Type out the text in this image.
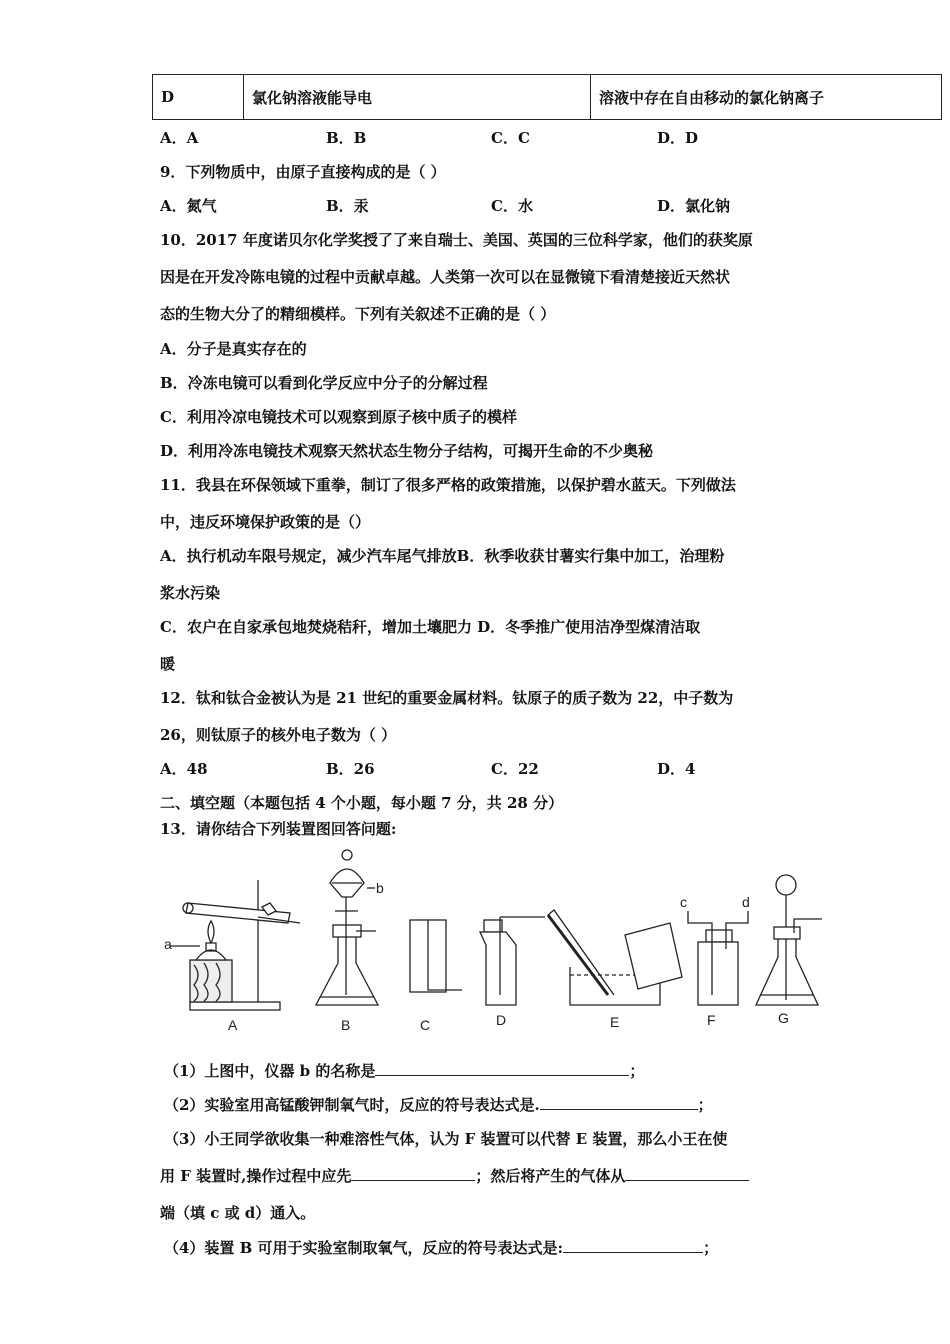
D	氯化钠溶液能导电	溶液中存在自由移动的氯化钠离子
A．A	B．B	C．C	D．D
9．下列物质中，由原子直接构成的是（ ）
A．氮气	B．汞	C．水	D．氯化钠
10．2017 年度诺贝尔化学奖授了了来自瑞士、美国、英国的三位科学家，他们的获奖原
因是在开发冷陈电镜的过程中贡献卓越。人类第一次可以在显微镜下看清楚接近天然状
态的生物大分了的精细模样。下列有关叙述不正确的是（ ）
A．分子是真实存在的
B．冷冻电镜可以看到化学反应中分子的分解过程
C．利用冷凉电镜技术可以观察到原子核中质子的模样
D．利用冷冻电镜技术观察天然状态生物分子结构，可揭开生命的不少奥秘
11．我县在环保领域下重拳，制订了很多严格的政策措施，以保护碧水蓝天。下列做法
中，违反环境保护政策的是（）
A．执行机动车限号规定，减少汽车尾气排放B．秋季收获甘薯实行集中加工，治理粉
浆水污染
C．农户在自家承包地焚烧秸秆，增加土壤肥力 D．冬季推广使用洁净型煤清洁取
暖
12．钛和钛合金被认为是 21 世纪的重要金属材料。钛原子的质子数为 22，中子数为
26，则钛原子的核外电子数为（ ）
A．48	B．26	C．22	D．4
二、填空题（本题包括 4 个小题，每小题 7 分，共 28 分）
13．请你结合下列装置图回答问题:
a
b
c	d
A	B	C	D	E	F	G
（1）上图中，仪器 b 的名称是	；
（2）实验室用高锰酸钾制氧气时，反应的符号表达式是.	；
（3）小王同学欲收集一种难溶性气体，认为 F 装置可以代替 E 装置，那么小王在使
用 F 装置时,操作过程中应先	；然后将产生的气体从
端（填 c 或 d）通入。
（4）装置 B 可用于实验室制取氧气，反应的符号表达式是:	；
